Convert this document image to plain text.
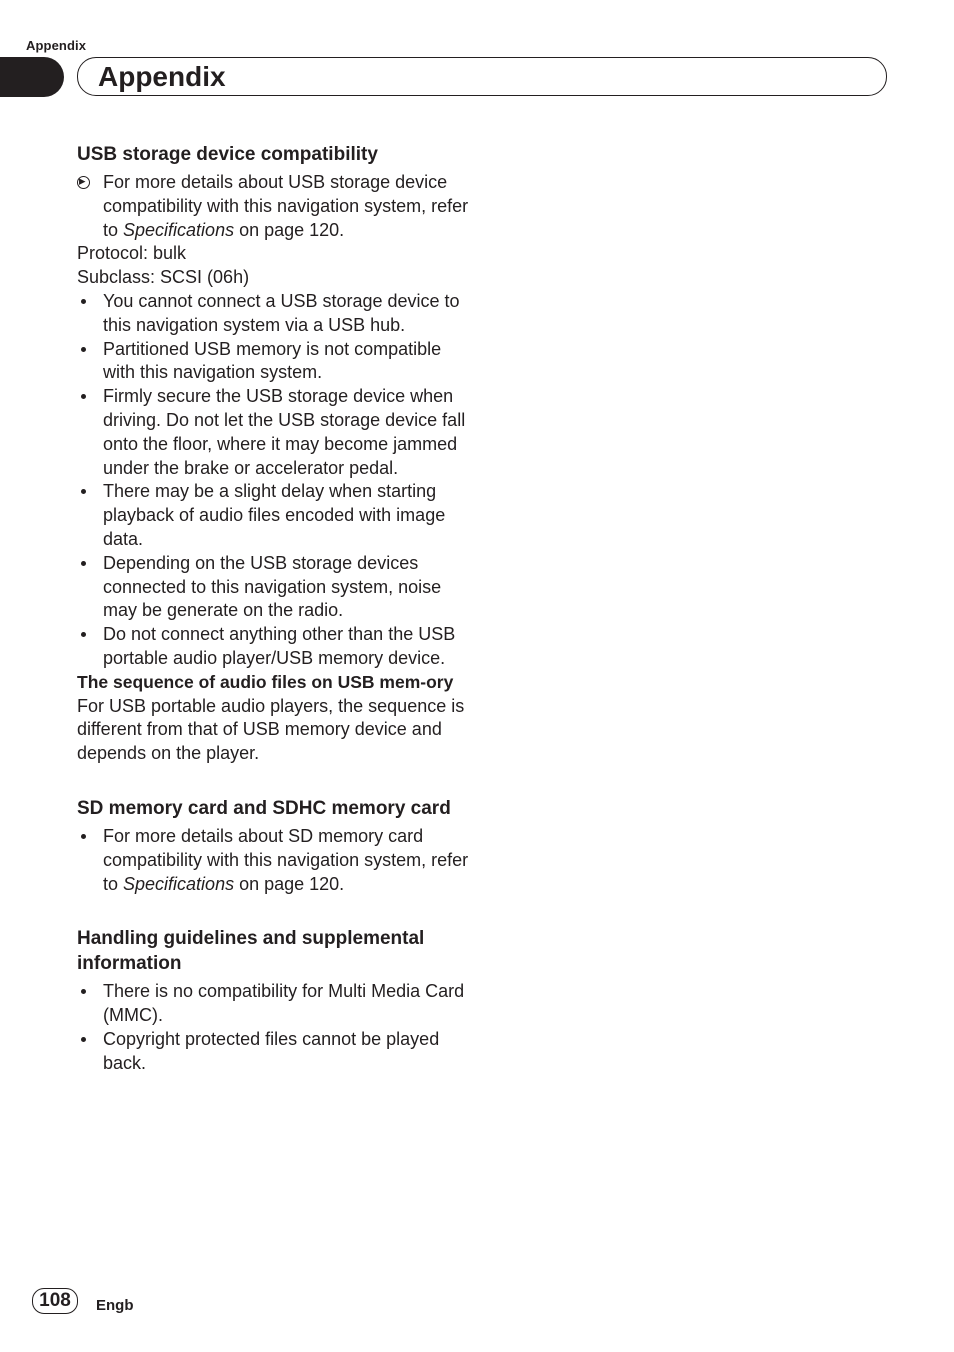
Appendix
Appendix
USB storage device compatibility
▸
For more details about USB storage device compatibility with this navigation system, refer to Specifications on page 120.

Protocol: bulk

Subclass: SCSI (06h)

You cannot connect a USB storage device to this navigation system via a USB hub.
Partitioned USB memory is not compatible with this navigation system.
Firmly secure the USB storage device when driving. Do not let the USB storage device fall onto the floor, where it may become jammed under the brake or accelerator pedal.
There may be a slight delay when starting playback of audio files encoded with image data.
Depending on the USB storage devices connected to this navigation system, noise may be generate on the radio.
Do not connect anything other than the USB portable audio player/USB memory device.
The sequence of audio files on USB mem-ory

For USB portable audio players, the sequence is different from that of USB memory device and depends on the player.

SD memory card and SDHC memory card
For more details about SD memory card compatibility with this navigation system, refer to Specifications on page 120.
Handling guidelines and supplemental information
There is no compatibility for Multi Media Card (MMC).
Copyright protected files cannot be played back.
108	Engb
